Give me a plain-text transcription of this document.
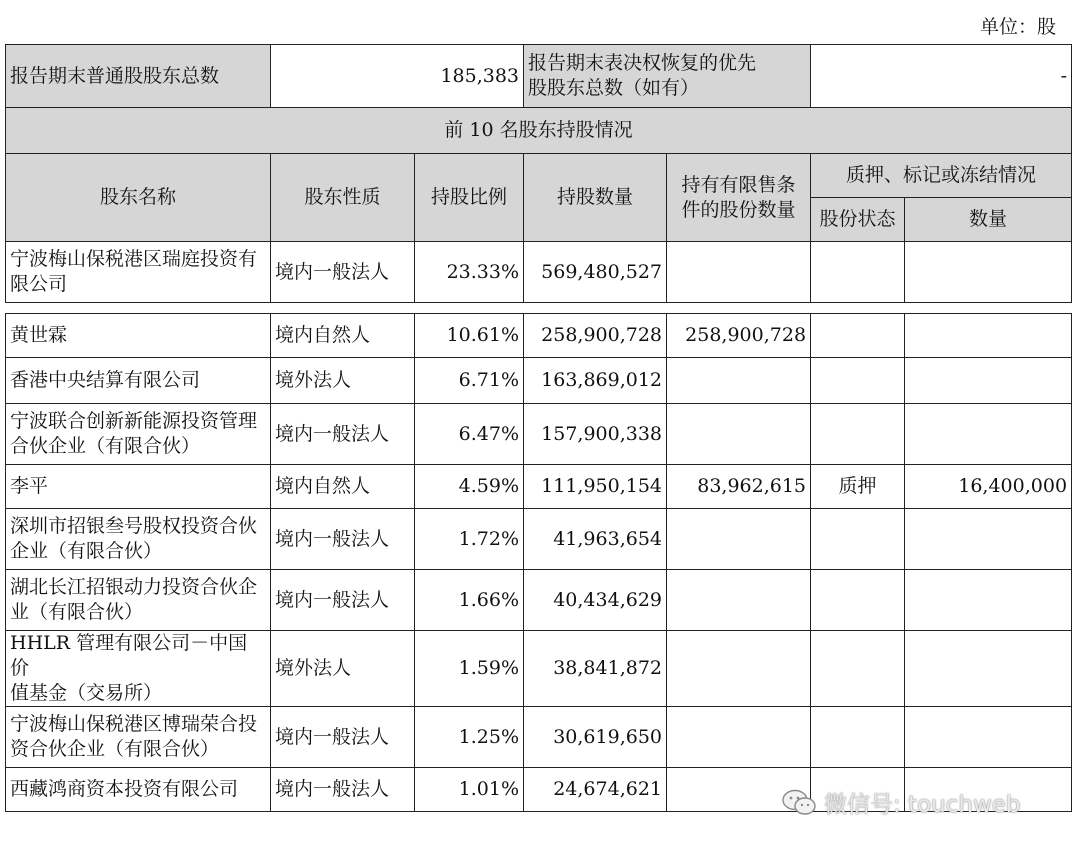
单位：股
报告期末普通股股东总数	185,383		报告期末表决权恢复的优先
股股东总数（如有）		-	
前 10 名股东持股情况						
股东名称	股东性质	持股比例	持股数量	持有有限售条
件的股份数量	质押、标记或冻结情况	
					股份状态	数量

宁波梅山保税港区瑞庭投资有
限公司	境内一般法人	23.33%	569,480,527			

黄世霖	境内自然人	10.61%	258,900,728	258,900,728		

香港中央结算有限公司	境外法人	6.71%	163,869,012			

宁波联合创新新能源投资管理
合伙企业（有限合伙）	境内一般法人	6.47%	157,900,338			

李平	境内自然人	4.59%	111,950,154	83,962,615	质押	16,400,000

深圳市招银叁号股权投资合伙
企业（有限合伙）	境内一般法人	1.72%	41,963,654			

湖北长江招银动力投资合伙企
业（有限合伙）	境内一般法人	1.66%	40,434,629			

HHLR 管理有限公司－中国价
值基金（交易所）	境外法人	1.59%	38,841,872			

宁波梅山保税港区博瑞荣合投
资合伙企业（有限合伙）	境内一般法人	1.25%	30,619,650			

西藏鸿商资本投资有限公司	境内一般法人	1.01%	24,674,621			
微信号: touchweb
